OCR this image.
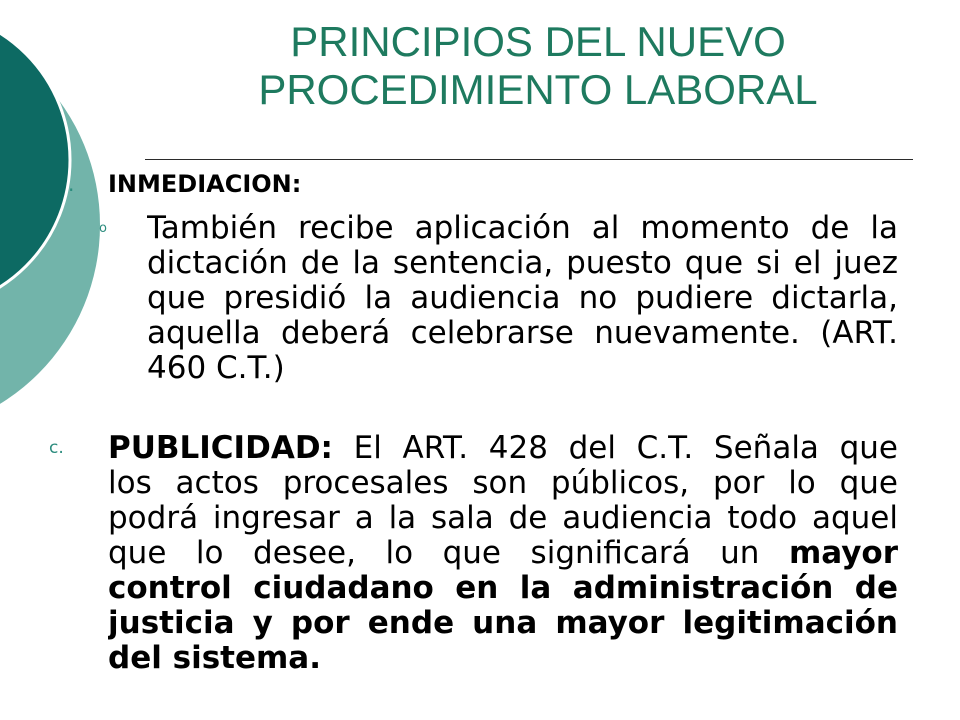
PRINCIPIOS DEL NUEVO
PROCEDIMIENTO LABORAL
. INMEDIACION:
o También recibe aplicación al momento de la
dictación de la sentencia, puesto que si el juez
que presidió la audiencia no pudiere dictarla,
aquella deberá celebrarse nuevamente. (ART.
460 C.T.)
c. PUBLICIDAD: El ART. 428 del C.T. Señala que
los actos procesales son públicos, por lo que
podrá ingresar a la sala de audiencia todo aquel
que lo desee, lo que significará un mayor
control ciudadano en la administración de
justicia y por ende una mayor legitimación
del sistema.
